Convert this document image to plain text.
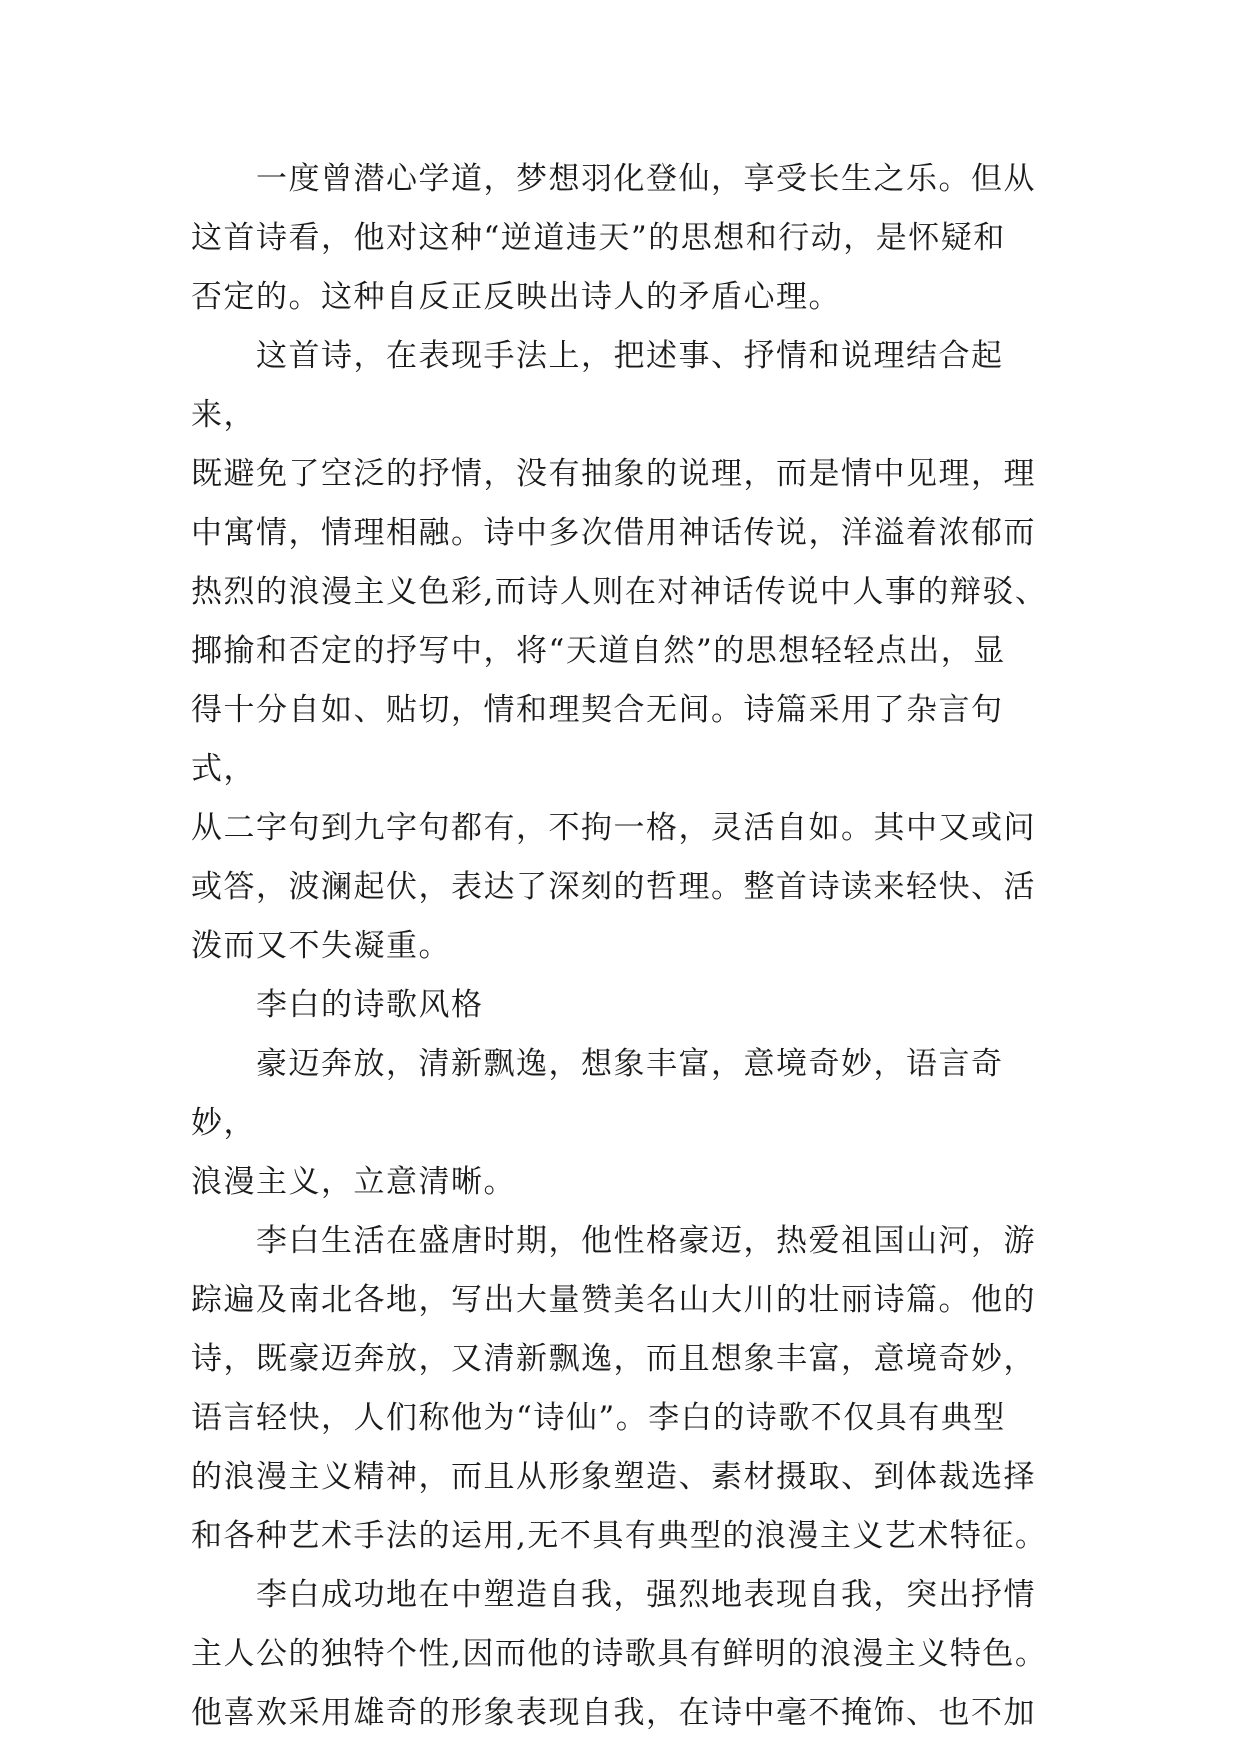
　　一度曾潜心学道，梦想羽化登仙，享受长生之乐。但从
这首诗看，他对这种“逆道违天”的思想和行动，是怀疑和
否定的。这种自反正反映出诗人的矛盾心理。

　　这首诗，在表现手法上，把述事、抒情和说理结合起来，
既避免了空泛的抒情，没有抽象的说理，而是情中见理，理
中寓情，情理相融。诗中多次借用神话传说，洋溢着浓郁而
热烈的浪漫主义色彩,而诗人则在对神话传说中人事的辩驳、
揶揄和否定的抒写中，将“天道自然”的思想轻轻点出，显
得十分自如、贴切，情和理契合无间。诗篇采用了杂言句式，
从二字句到九字句都有，不拘一格，灵活自如。其中又或问
或答，波澜起伏，表达了深刻的哲理。整首诗读来轻快、活
泼而又不失凝重。

　　李白的诗歌风格

　　豪迈奔放，清新飘逸，想象丰富，意境奇妙，语言奇妙，
浪漫主义，立意清晰。

　　李白生活在盛唐时期，他性格豪迈，热爱祖国山河，游
踪遍及南北各地，写出大量赞美名山大川的壮丽诗篇。他的
诗，既豪迈奔放，又清新飘逸，而且想象丰富，意境奇妙，
语言轻快，人们称他为“诗仙”。李白的诗歌不仅具有典型
的浪漫主义精神，而且从形象塑造、素材摄取、到体裁选择
和各种艺术手法的运用,无不具有典型的浪漫主义艺术特征。

　　李白成功地在中塑造自我，强烈地表现自我，突出抒情
主人公的独特个性,因而他的诗歌具有鲜明的浪漫主义特色。
他喜欢采用雄奇的形象表现自我，在诗中毫不掩饰、也不加
